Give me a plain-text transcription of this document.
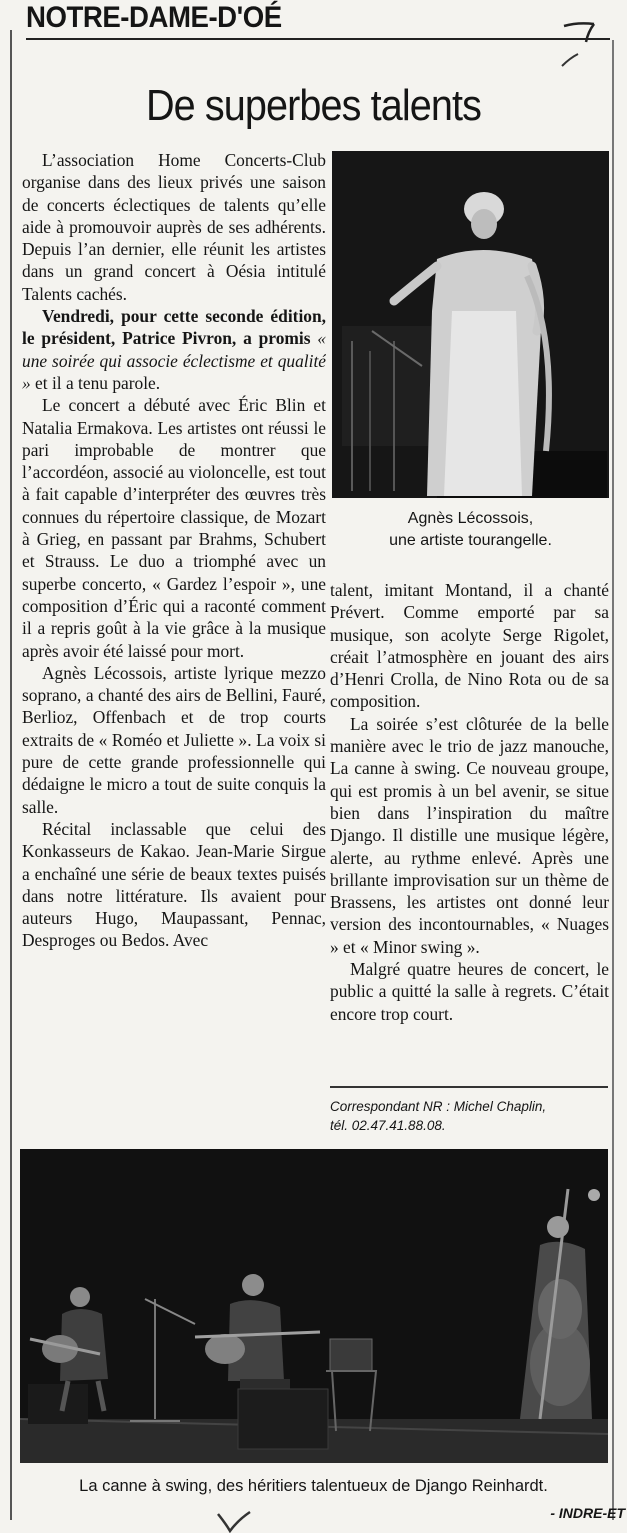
NOTRE-DAME-D'OÉ
De superbes talents

L’association Home Concerts-Club organise dans des lieux privés une saison de concerts éclectiques de talents qu’elle aide à promouvoir auprès de ses adhérents. Depuis l’an dernier, elle réunit les artistes dans un grand concert à Oésia intitulé Talents cachés.

Vendredi, pour cette seconde édition, le président, Patrice Pivron, a promis « une soirée qui associe éclectisme et qualité » et il a tenu parole.

Le concert a débuté avec Éric Blin et Natalia Ermakova. Les artistes ont réussi le pari improbable de montrer que l’accordéon, associé au violoncelle, est tout à fait capable d’interpréter des œuvres très connues du répertoire classique, de Mozart à Grieg, en passant par Brahms, Schubert et Strauss. Le duo a triomphé avec un superbe concerto, « Gardez l’espoir », une composition d’Éric qui a raconté comment il a repris goût à la vie grâce à la musique après avoir été laissé pour mort.

Agnès Lécossois, artiste lyrique mezzo soprano, a chanté des airs de Bellini, Fauré, Berlioz, Offenbach et de trop courts extraits de « Roméo et Juliette ». La voix si pure de cette grande professionnelle qui dédaigne le micro a tout de suite conquis la salle.

Récital inclassable que celui des Konkasseurs de Kakao. Jean-Marie Sirgue a enchaîné une série de beaux textes puisés dans notre littérature. Ils avaient pour auteurs Hugo, Maupassant, Pennac, Desproges ou Bedos. Avec

Agnès Lécossois,
une artiste tourangelle.

talent, imitant Montand, il a chanté Prévert. Comme emporté par sa musique, son acolyte Serge Rigolet, créait l’atmosphère en jouant des airs d’Henri Crolla, de Nino Rota ou de sa composition.

La soirée s’est clôturée de la belle manière avec le trio de jazz manouche, La canne à swing. Ce nouveau groupe, qui est promis à un bel avenir, se situe bien dans l’inspiration du maître Django. Il distille une musique légère, alerte, au rythme enlevé. Après une brillante improvisation sur un thème de Brassens, les artistes ont donné leur version des incontournables, « Nuages » et « Minor swing ».

Malgré quatre heures de concert, le public a quitté la salle à regrets. C’était encore trop court.

Correspondant NR : Michel Chaplin,
tél. 02.47.41.88.08.
La canne à swing, des héritiers talentueux de Django Reinhardt.
- INDRE-ET
